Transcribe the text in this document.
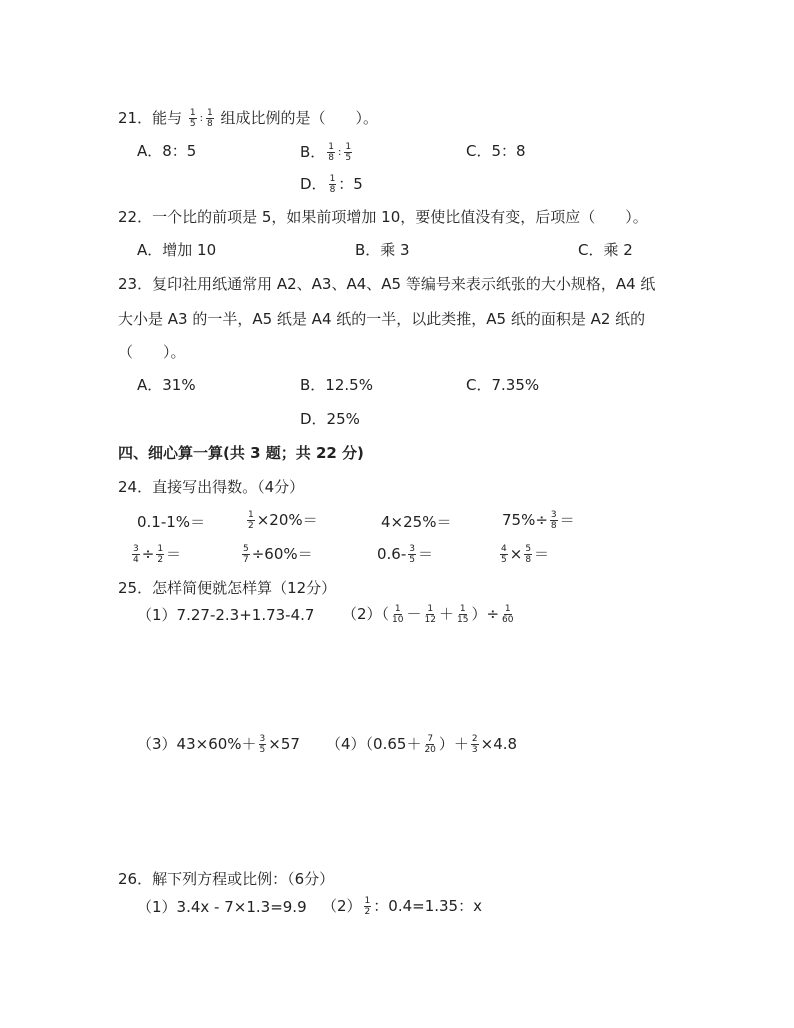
21．能与 $\frac{1}{5}$ : $\frac{1}{8}$ 组成比例的是（　　）。
A．8：5	B． $\frac{1}{8}$ : $\frac{1}{5}$	C．5：8
D． $\frac{1}{8}$ ：5
22．一个比的前项是 5，如果前项增加 10，要使比值没有变，后项应（　　）。
A．增加 10	B．乘 3	C．乘 2
23．复印社用纸通常用 A2、A3、A4、A5 等编号来表示纸张的大小规格，A4 纸
大小是 A3 的一半，A5 纸是 A4 纸的一半，以此类推，A5 纸的面积是 A2 纸的
（　　）。
A．31%	B．12.5%	C．7.35%
D．25%
四、细心算一算(共 3 题；共 22 分)
24．直接写出得数。（4分）
0.1-1%＝	$\frac{1}{2} \times 20\%=$	4×25%＝	$75\%\div \frac{3}{8}$ ＝
$\frac{3}{4} \div \frac{1}{2}$ ＝	$\frac{5}{7} \div 60\%=$	$0.6- \frac{3}{5}$ ＝	$\frac{4}{5} \times \frac{5}{8}$ ＝
25．怎样简便就怎样算（12分）
（1）7.27-2.3+1.73-4.7 $(2)( \frac{1}{10} - \frac{1}{12} + \frac{1}{15}$ ）÷ $\frac{1}{60}$
$(3)43\times 60\%+ \frac{3}{5} \times 57$ $(4)(0.65+ \frac{7}{20}$ ）＋ $\frac{2}{3} \times 4.8$
26．解下列方程或比例：（6分）
（1）3.4x - 7×1.3=9.9 $(2) \frac{1}{2}$ ：0.4=1.35：x
